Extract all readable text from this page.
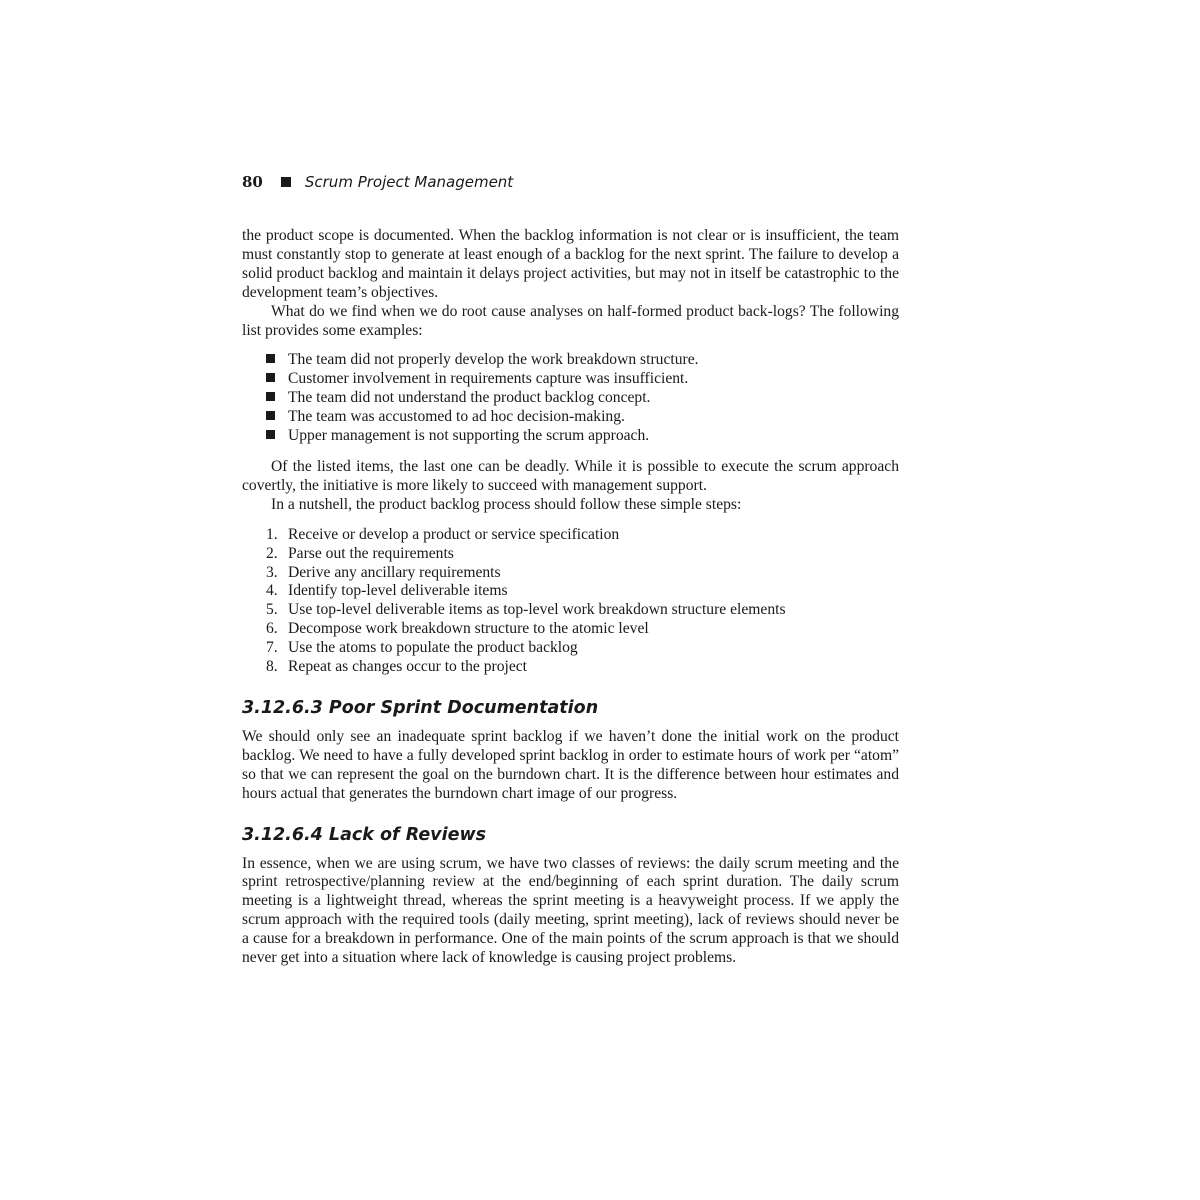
80	Scrum Project Management

the product scope is documented. When the backlog information is not clear or is insufficient, the team must constantly stop to generate at least enough of a backlog for the next sprint. The failure to develop a solid product backlog and maintain it delays project activities, but may not in itself be catastrophic to the development team’s objectives.

What do we find when we do root cause analyses on half-formed product back-logs? The following list provides some examples:

The team did not properly develop the work breakdown structure.
Customer involvement in requirements capture was insufficient.
The team did not understand the product backlog concept.
The team was accustomed to ad hoc decision-making.
Upper management is not supporting the scrum approach.

Of the listed items, the last one can be deadly. While it is possible to execute the scrum approach covertly, the initiative is more likely to succeed with management support.

In a nutshell, the product backlog process should follow these simple steps:

1. Receive or develop a product or service specification
2. Parse out the requirements
3. Derive any ancillary requirements
4. Identify top-level deliverable items
5. Use top-level deliverable items as top-level work breakdown structure elements
6. Decompose work breakdown structure to the atomic level
7. Use the atoms to populate the product backlog
8. Repeat as changes occur to the project
3.12.6.3 Poor Sprint Documentation

We should only see an inadequate sprint backlog if we haven’t done the initial work on the product backlog. We need to have a fully developed sprint backlog in order to estimate hours of work per “atom” so that we can represent the goal on the burndown chart. It is the difference between hour estimates and hours actual that generates the burndown chart image of our progress.

3.12.6.4 Lack of Reviews

In essence, when we are using scrum, we have two classes of reviews: the daily scrum meeting and the sprint retrospective/planning review at the end/beginning of each sprint duration. The daily scrum meeting is a lightweight thread, whereas the sprint meeting is a heavyweight process. If we apply the scrum approach with the required tools (daily meeting, sprint meeting), lack of reviews should never be a cause for a breakdown in performance. One of the main points of the scrum approach is that we should never get into a situation where lack of knowledge is causing project problems.
